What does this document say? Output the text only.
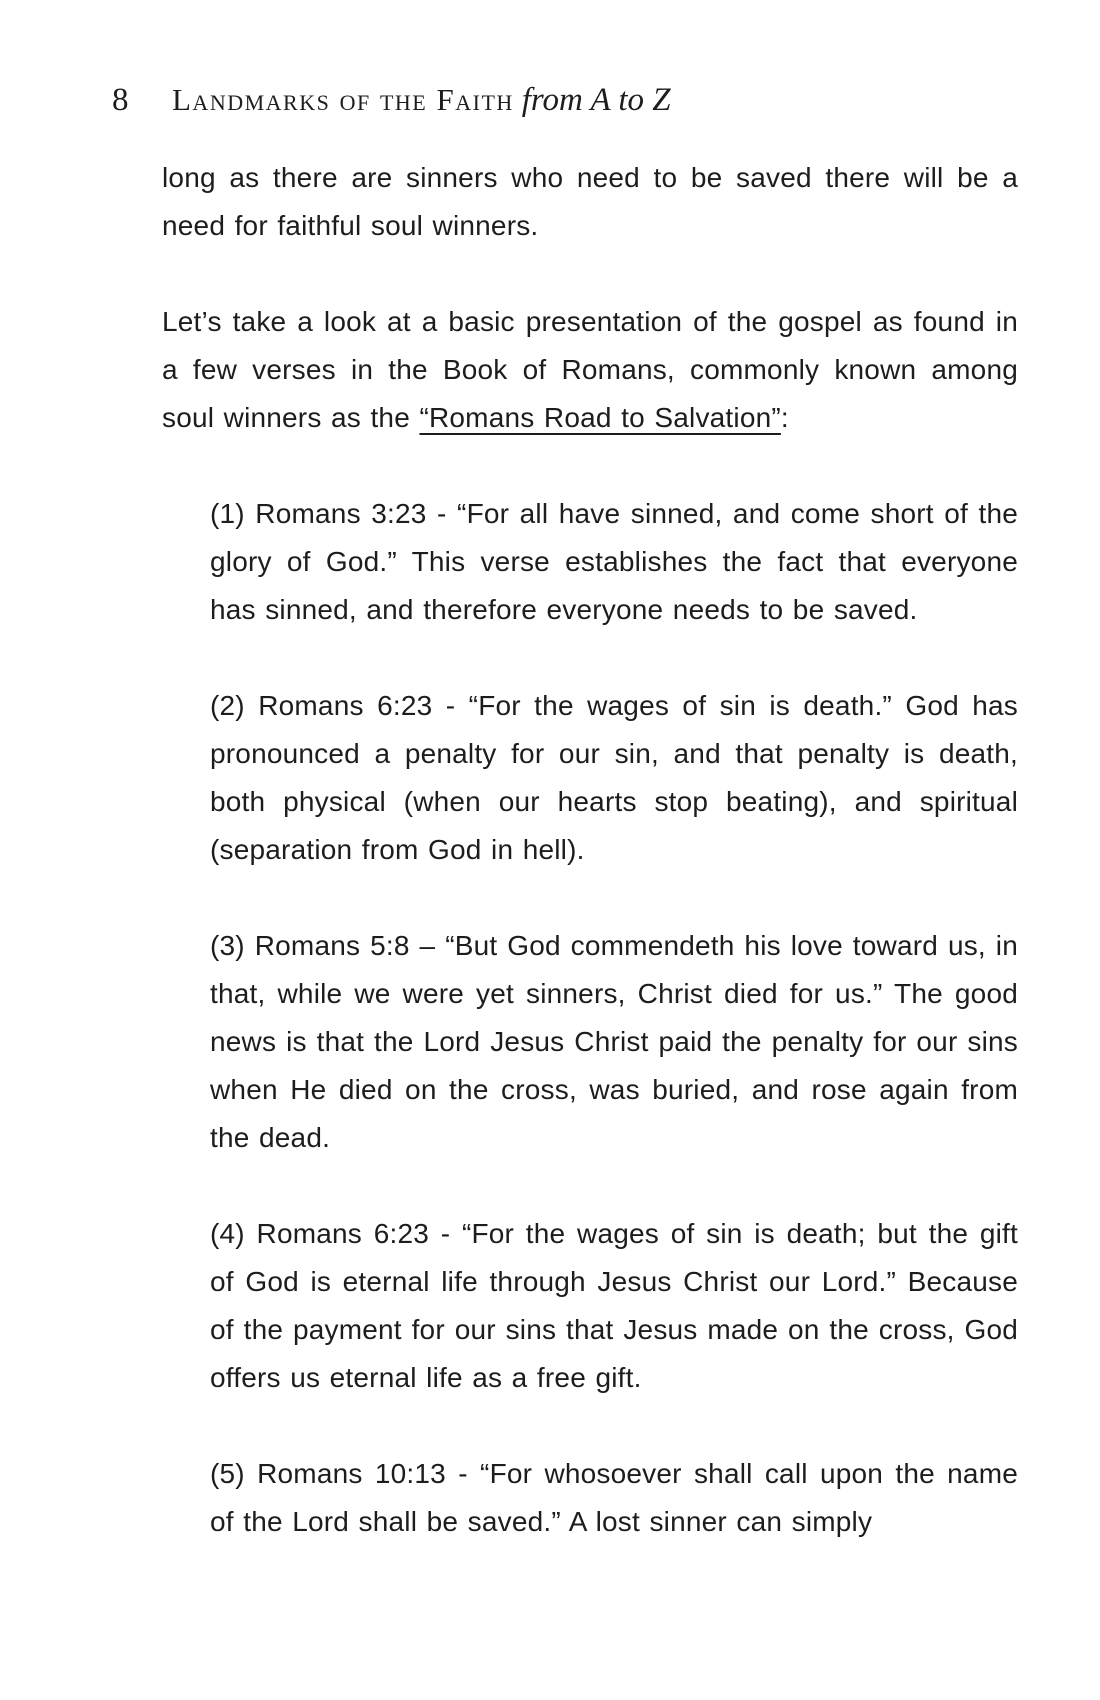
8 Landmarks of the Faith from A to Z

long as there are sinners who need to be saved there will be a need for faithful soul winners.

Let’s take a look at a basic presentation of the gospel as found in a few verses in the Book of Romans, commonly known among soul winners as the “Romans Road to Salvation”:

(1) Romans 3:23 - “For all have sinned, and come short of the glory of God.” This verse establishes the fact that everyone has sinned, and therefore everyone needs to be saved.

(2) Romans 6:23 - “For the wages of sin is death.” God has pronounced a penalty for our sin, and that penalty is death, both physical (when our hearts stop beating), and spiritual (separation from God in hell).

(3) Romans 5:8 – “But God commendeth his love toward us, in that, while we were yet sinners, Christ died for us.” The good news is that the Lord Jesus Christ paid the penalty for our sins when He died on the cross, was buried, and rose again from the dead.

(4) Romans 6:23 - “For the wages of sin is death; but the gift of God is eternal life through Jesus Christ our Lord.” Because of the payment for our sins that Jesus made on the cross, God offers us eternal life as a free gift.

(5) Romans 10:13 - “For whosoever shall call upon the name of the Lord shall be saved.” A lost sinner can simply
